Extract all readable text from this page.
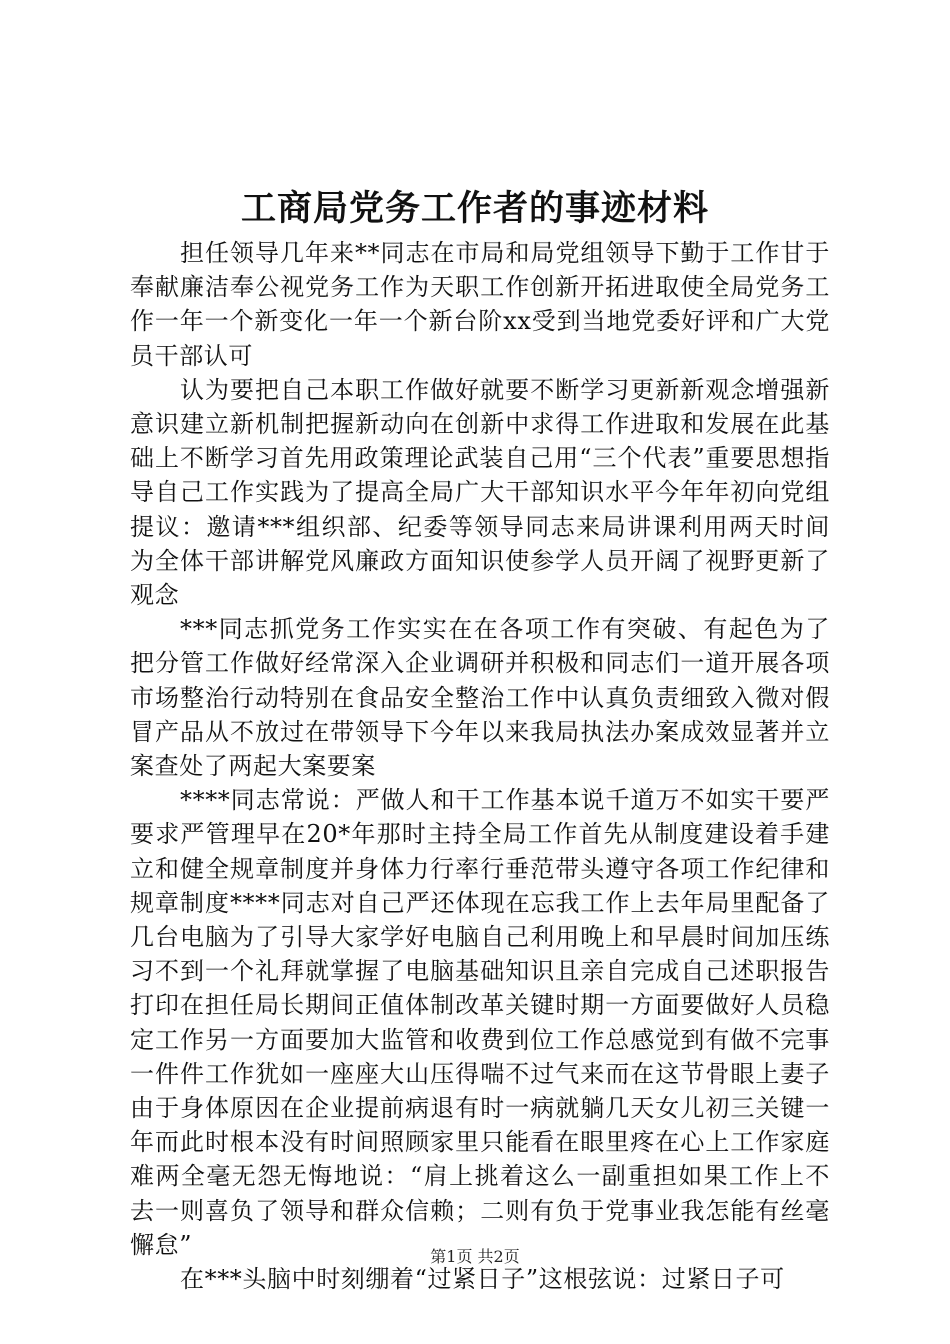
工商局党务工作者的事迹材料

担任领导几年来**同志在市局和局党组领导下勤于工作甘于奉献廉洁奉公视党务工作为天职工作创新开拓进取使全局党务工作一年一个新变化一年一个新台阶xx受到当地党委好评和广大党员干部认可

认为要把自己本职工作做好就要不断学习更新新观念增强新意识建立新机制把握新动向在创新中求得工作进取和发展在此基础上不断学习首先用政策理论武装自己用“三个代表”重要思想指导自己工作实践为了提高全局广大干部知识水平今年年初向党组提议：邀请***组织部、纪委等领导同志来局讲课利用两天时间为全体干部讲解党风廉政方面知识使参学人员开阔了视野更新了观念

***同志抓党务工作实实在在各项工作有突破、有起色为了把分管工作做好经常深入企业调研并积极和同志们一道开展各项市场整治行动特别在食品安全整治工作中认真负责细致入微对假冒产品从不放过在带领导下今年以来我局执法办案成效显著并立案查处了两起大案要案

****同志常说：严做人和干工作基本说千道万不如实干要严要求严管理早在20*年那时主持全局工作首先从制度建设着手建立和健全规章制度并身体力行率行垂范带头遵守各项工作纪律和规章制度****同志对自己严还体现在忘我工作上去年局里配备了几台电脑为了引导大家学好电脑自己利用晚上和早晨时间加压练习不到一个礼拜就掌握了电脑基础知识且亲自完成自己述职报告打印在担任局长期间正值体制改革关键时期一方面要做好人员稳定工作另一方面要加大监管和收费到位工作总感觉到有做不完事一件件工作犹如一座座大山压得喘不过气来而在这节骨眼上妻子由于身体原因在企业提前病退有时一病就躺几天女儿初三关键一年而此时根本没有时间照顾家里只能看在眼里疼在心上工作家庭难两全毫无怨无悔地说：“肩上挑着这么一副重担如果工作上不去一则喜负了领导和群众信赖；二则有负于党事业我怎能有丝毫懈怠”

在***头脑中时刻绷着“过紧日子”这根弦说：过紧日子可

第1页 共2页
